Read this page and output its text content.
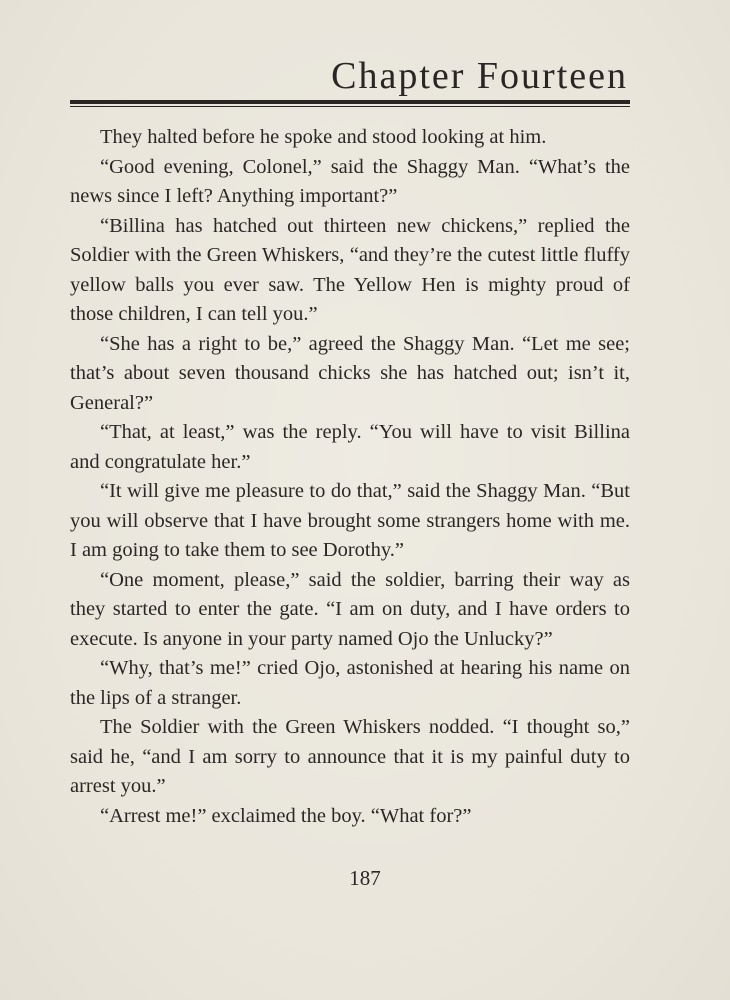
Chapter Fourteen

They halted before he spoke and stood looking at him.

“Good evening, Colonel,” said the Shaggy Man. “What’s the news since I left? Anything important?”

“Billina has hatched out thirteen new chickens,” replied the Soldier with the Green Whiskers, “and they’re the cutest little fluffy yellow balls you ever saw. The Yellow Hen is mighty proud of those children, I can tell you.”

“She has a right to be,” agreed the Shaggy Man. “Let me see; that’s about seven thousand chicks she has hatched out; isn’t it, General?”

“That, at least,” was the reply. “You will have to visit Billina and congratulate her.”

“It will give me pleasure to do that,” said the Shaggy Man. “But you will observe that I have brought some strangers home with me. I am going to take them to see Dorothy.”

“One moment, please,” said the soldier, barring their way as they started to enter the gate. “I am on duty, and I have orders to execute. Is anyone in your party named Ojo the Unlucky?”

“Why, that’s me!” cried Ojo, astonished at hearing his name on the lips of a stranger.

The Soldier with the Green Whiskers nodded. “I thought so,” said he, “and I am sorry to announce that it is my painful duty to arrest you.”

“Arrest me!” exclaimed the boy. “What for?”

187
